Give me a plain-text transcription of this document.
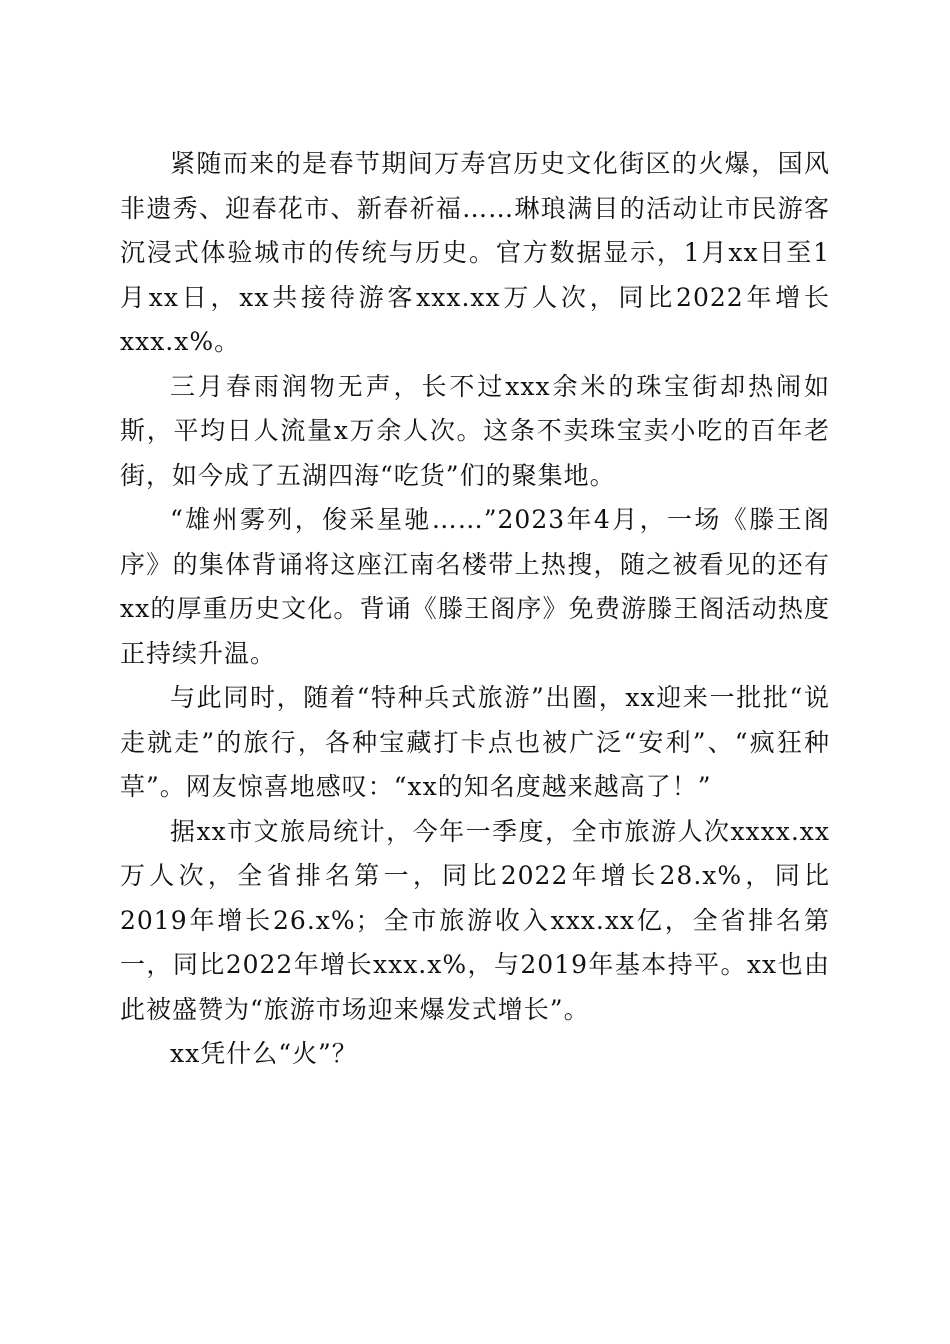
紧随而来的是春节期间万寿宫历史文化街区的火爆，国风非遗秀、迎春花市、新春祈福……琳琅满目的活动让市民游客沉浸式体验城市的传统与历史。官方数据显示，1月xx日至1月xx日，xx共接待游客xxx.xx万人次，同比2022年增长xxx.x%。

三月春雨润物无声，长不过xxx余米的珠宝街却热闹如斯，平均日人流量x万余人次。这条不卖珠宝卖小吃的百年老街，如今成了五湖四海“吃货”们的聚集地。

“雄州雾列，俊采星驰……”2023年4月，一场《滕王阁序》的集体背诵将这座江南名楼带上热搜，随之被看见的还有xx的厚重历史文化。背诵《滕王阁序》免费游滕王阁活动热度正持续升温。

与此同时，随着“特种兵式旅游”出圈，xx迎来一批批“说走就走”的旅行，各种宝藏打卡点也被广泛“安利”、“疯狂种草”。网友惊喜地感叹：“xx的知名度越来越高了！”

据xx市文旅局统计，今年一季度，全市旅游人次xxxx.xx万人次，全省排名第一，同比2022年增长28.x%，同比2019年增长26.x%；全市旅游收入xxx.xx亿，全省排名第一，同比2022年增长xxx.x%，与2019年基本持平。xx也由此被盛赞为“旅游市场迎来爆发式增长”。

xx凭什么“火”？
